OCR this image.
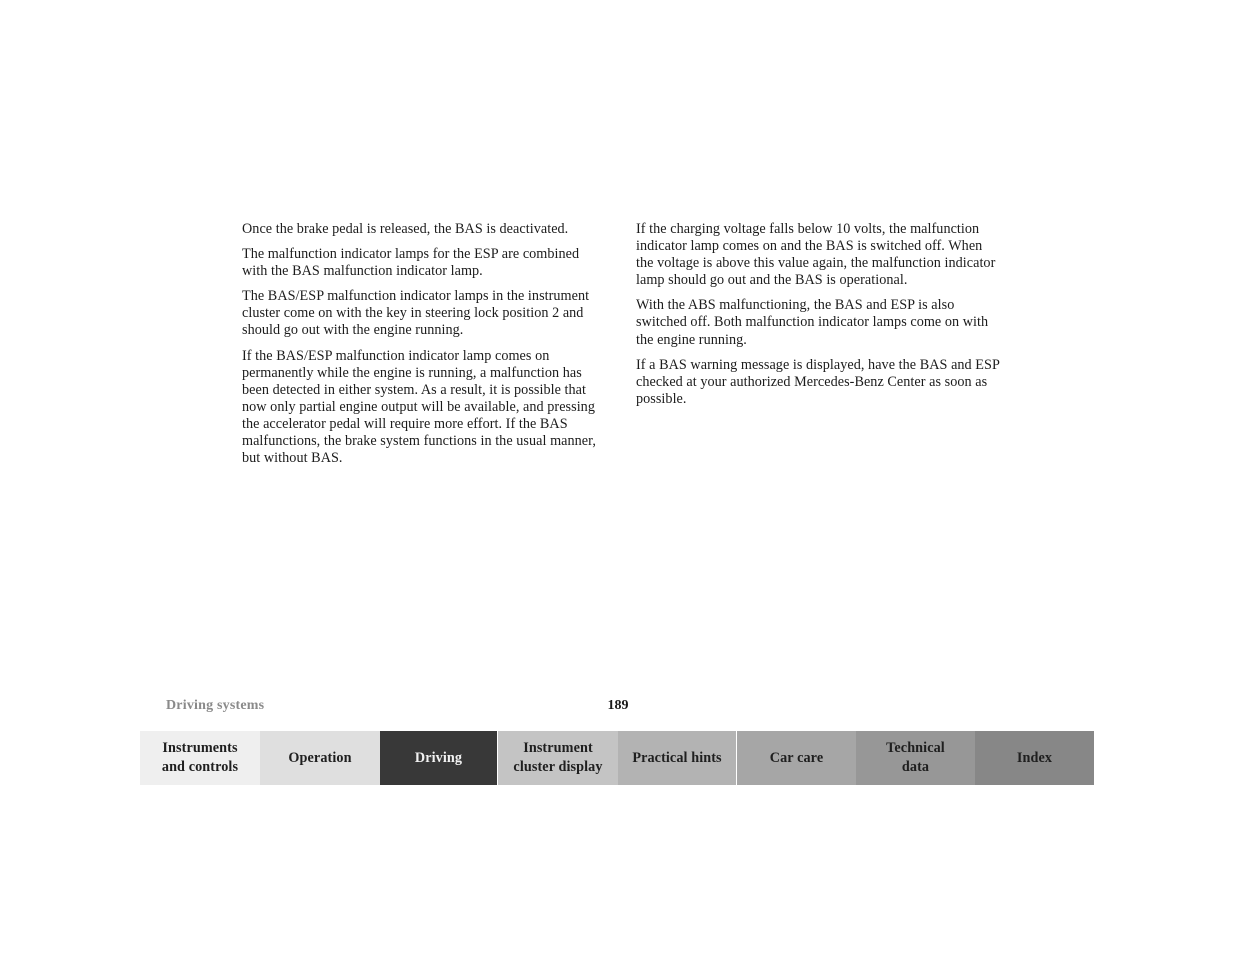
Once the brake pedal is released, the BAS is deactivated.

The malfunction indicator lamps for the ESP are combined with the BAS malfunction indicator lamp.

The BAS/ESP malfunction indicator lamps in the instrument cluster come on with the key in steering lock position 2 and should go out with the engine running.

If the BAS/ESP malfunction indicator lamp comes on permanently while the engine is running, a malfunction has been detected in either system. As a result, it is possible that now only partial engine output will be available, and pressing the accelerator pedal will require more effort. If the BAS malfunctions, the brake system functions in the usual manner, but without BAS.

If the charging voltage falls below 10 volts, the malfunction indicator lamp comes on and the BAS is switched off. When the voltage is above this value again, the malfunction indicator lamp should go out and the BAS is operational.

With the ABS malfunctioning, the BAS and ESP is also switched off. Both malfunction indicator lamps come on with the engine running.

If a BAS warning message is displayed, have the BAS and ESP checked at your authorized Mercedes-Benz Center as soon as possible.

Driving systems	189
Instruments
and controls
Operation	Driving
Instrument
cluster display
Practical hints	Car care
Technical
data
Index
